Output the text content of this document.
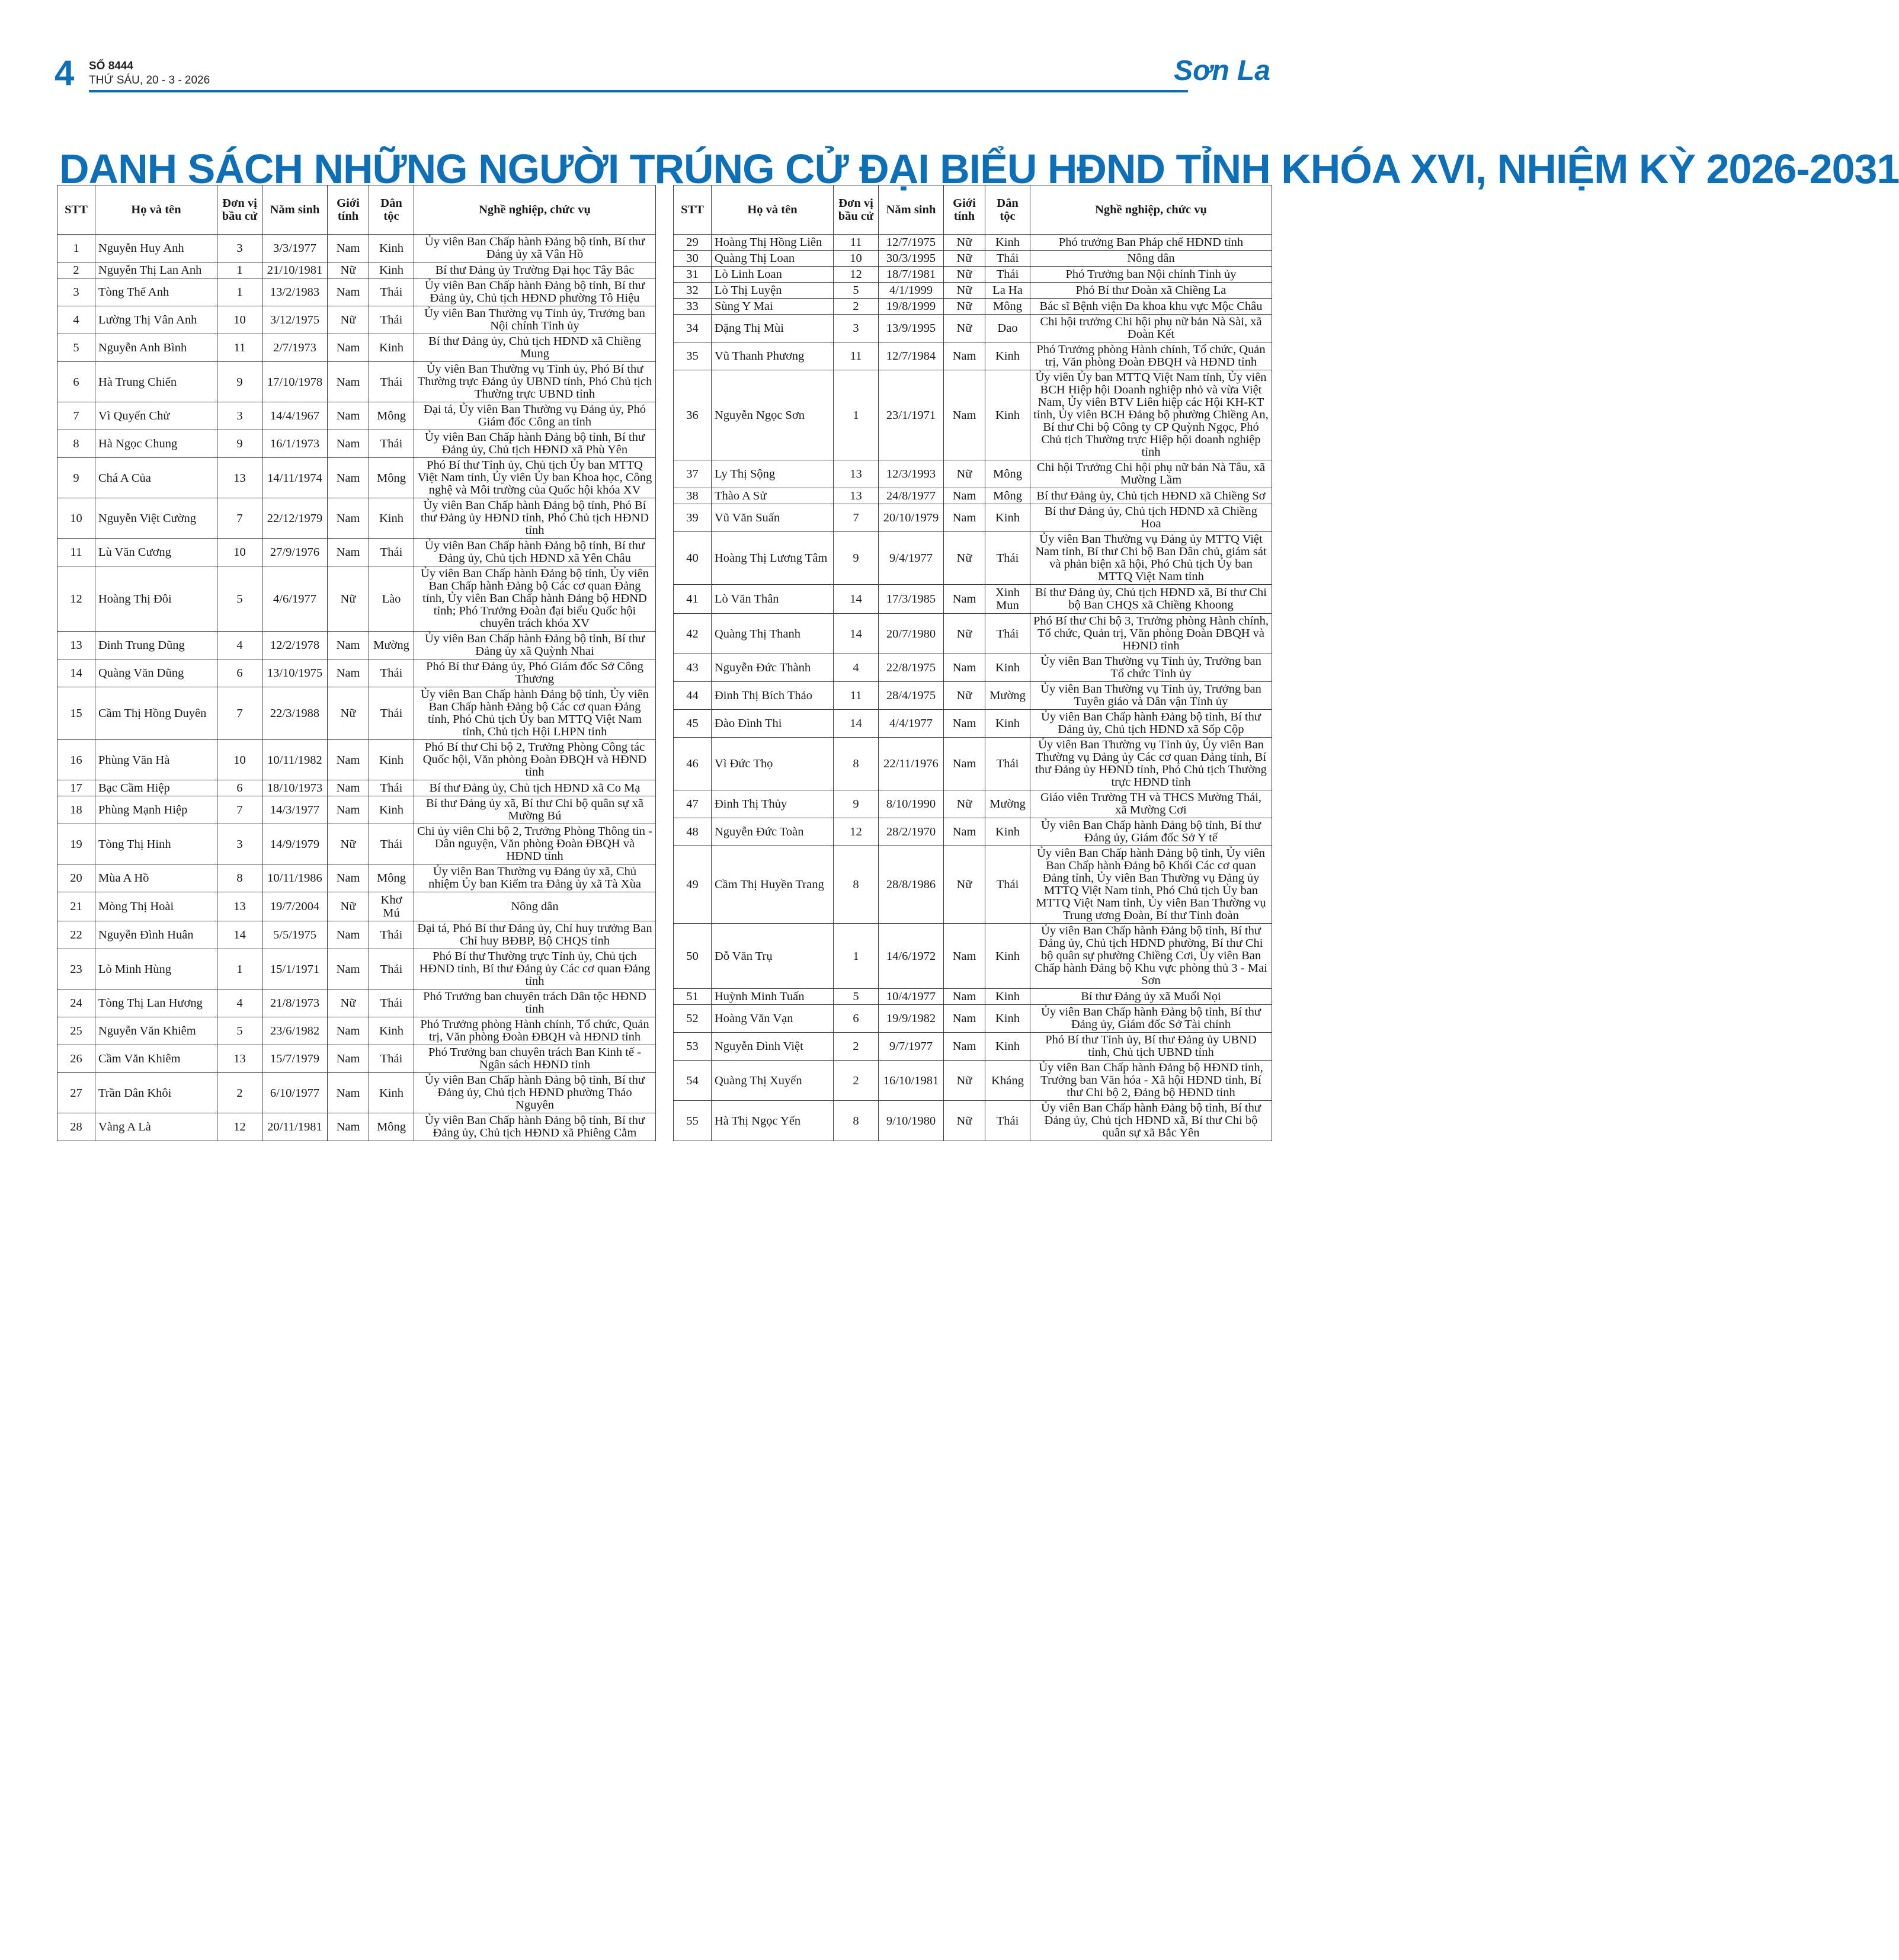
4 SỐ 8444
THỨ SÁU, 20 - 3 - 2026	Sơn La
DANH SÁCH NHỮNG NGƯỜI TRÚNG CỬ ĐẠI BIỂU HĐND TỈNH KHÓA XVI, NHIỆM KỲ 2026-2031
STT	Họ và tên	Đơn vị bầu cử	Năm sinh	Giới tính	Dân tộc	Nghề nghiệp, chức vụ
1	Nguyễn Huy Anh	3	3/3/1977	Nam	Kinh	Ủy viên Ban Chấp hành Đảng bộ tỉnh, Bí thư Đảng ủy xã Vân Hồ
2	Nguyễn Thị Lan Anh	1	21/10/1981	Nữ	Kinh	Bí thư Đảng ủy Trường Đại học Tây Bắc
3	Tòng Thế Anh	1	13/2/1983	Nam	Thái	Ủy viên Ban Chấp hành Đảng bộ tỉnh, Bí thư Đảng ủy, Chủ tịch HĐND phường Tô Hiệu
4	Lường Thị Vân Anh	10	3/12/1975	Nữ	Thái	Ủy viên Ban Thường vụ Tỉnh ủy, Trưởng ban Nội chính Tỉnh ủy
5	Nguyễn Anh Bình	11	2/7/1973	Nam	Kinh	Bí thư Đảng ủy, Chủ tịch HĐND xã Chiềng Mung
6	Hà Trung Chiến	9	17/10/1978	Nam	Thái	Ủy viên Ban Thường vụ Tỉnh ủy, Phó Bí thư Thường trực Đảng ủy UBND tỉnh, Phó Chủ tịch Thường trực UBND tỉnh
7	Vì Quyến Chử	3	14/4/1967	Nam	Mông	Đại tá, Ủy viên Ban Thường vụ Đảng ủy, Phó Giám đốc Công an tỉnh
8	Hà Ngọc Chung	9	16/1/1973	Nam	Thái	Ủy viên Ban Chấp hành Đảng bộ tỉnh, Bí thư Đảng ủy, Chủ tịch HĐND xã Phù Yên
9	Chá A Của	13	14/11/1974	Nam	Mông	Phó Bí thư Tỉnh ủy, Chủ tịch Ủy ban MTTQ Việt Nam tỉnh, Ủy viên Ủy ban Khoa học, Công nghệ và Môi trường của Quốc hội khóa XV
10	Nguyễn Việt Cường	7	22/12/1979	Nam	Kinh	Ủy viên Ban Chấp hành Đảng bộ tỉnh, Phó Bí thư Đảng ủy HĐND tỉnh, Phó Chủ tịch HĐND tỉnh
11	Lù Văn Cương	10	27/9/1976	Nam	Thái	Ủy viên Ban Chấp hành Đảng bộ tỉnh, Bí thư Đảng ủy, Chủ tịch HĐND xã Yên Châu
12	Hoàng Thị Đôi	5	4/6/1977	Nữ	Lào	Ủy viên Ban Chấp hành Đảng bộ tỉnh, Ủy viên Ban Chấp hành Đảng bộ Các cơ quan Đảng tỉnh, Ủy viên Ban Chấp hành Đảng bộ HĐND tỉnh; Phó Trưởng Đoàn đại biểu Quốc hội chuyên trách khóa XV
13	Đinh Trung Dũng	4	12/2/1978	Nam	Mường	Ủy viên Ban Chấp hành Đảng bộ tỉnh, Bí thư Đảng ủy xã Quỳnh Nhai
14	Quàng Văn Dũng	6	13/10/1975	Nam	Thái	Phó Bí thư Đảng ủy, Phó Giám đốc Sở Công Thương
15	Cầm Thị Hồng Duyên	7	22/3/1988	Nữ	Thái	Ủy viên Ban Chấp hành Đảng bộ tỉnh, Ủy viên Ban Chấp hành Đảng bộ Các cơ quan Đảng tỉnh, Phó Chủ tịch Ủy ban MTTQ Việt Nam tỉnh, Chủ tịch Hội LHPN tỉnh
16	Phùng Văn Hà	10	10/11/1982	Nam	Kinh	Phó Bí thư Chi bộ 2, Trưởng Phòng Công tác Quốc hội, Văn phòng Đoàn ĐBQH và HĐND tỉnh
17	Bạc Cầm Hiệp	6	18/10/1973	Nam	Thái	Bí thư Đảng ủy, Chủ tịch HĐND xã Co Mạ
18	Phùng Mạnh Hiệp	7	14/3/1977	Nam	Kinh	Bí thư Đảng ủy xã, Bí thư Chi bộ quân sự xã Mường Bú
19	Tòng Thị Hinh	3	14/9/1979	Nữ	Thái	Chi ủy viên Chi bộ 2, Trưởng Phòng Thông tin - Dân nguyện, Văn phòng Đoàn ĐBQH và HĐND tỉnh
20	Mùa A Hồ	8	10/11/1986	Nam	Mông	Ủy viên Ban Thường vụ Đảng ủy xã, Chủ nhiệm Ủy ban Kiểm tra Đảng ủy xã Tà Xùa
21	Mòng Thị Hoài	13	19/7/2004	Nữ	Khơ Mú	Nông dân
22	Nguyễn Đình Huân	14	5/5/1975	Nam	Thái	Đại tá, Phó Bí thư Đảng ủy, Chỉ huy trưởng Ban Chỉ huy BĐBP, Bộ CHQS tỉnh
23	Lò Minh Hùng	1	15/1/1971	Nam	Thái	Phó Bí thư Thường trực Tỉnh ủy, Chủ tịch HĐND tỉnh, Bí thư Đảng ủy Các cơ quan Đảng tỉnh
24	Tòng Thị Lan Hương	4	21/8/1973	Nữ	Thái	Phó Trưởng ban chuyên trách Dân tộc HĐND tỉnh
25	Nguyễn Văn Khiêm	5	23/6/1982	Nam	Kinh	Phó Trưởng phòng Hành chính, Tổ chức, Quản trị, Văn phòng Đoàn ĐBQH và HĐND tỉnh
26	Cầm Văn Khiêm	13	15/7/1979	Nam	Thái	Phó Trưởng ban chuyên trách Ban Kinh tế - Ngân sách HĐND tỉnh
27	Trần Dân Khôi	2	6/10/1977	Nam	Kinh	Ủy viên Ban Chấp hành Đảng bộ tỉnh, Bí thư Đảng ủy, Chủ tịch HĐND phường Thảo Nguyên
28	Vàng A Là	12	20/11/1981	Nam	Mông	Ủy viên Ban Chấp hành Đảng bộ tỉnh, Bí thư Đảng ủy, Chủ tịch HĐND xã Phiêng Cằm
STT	Họ và tên	Đơn vị bầu cử	Năm sinh	Giới tính	Dân tộc	Nghề nghiệp, chức vụ
29	Hoàng Thị Hồng Liên	11	12/7/1975	Nữ	Kinh	Phó trưởng Ban Pháp chế HĐND tỉnh
30	Quàng Thị Loan	10	30/3/1995	Nữ	Thái	Nông dân
31	Lò Linh Loan	12	18/7/1981	Nữ	Thái	Phó Trưởng ban Nội chính Tỉnh ủy
32	Lò Thị Luyện	5	4/1/1999	Nữ	La Ha	Phó Bí thư Đoàn xã Chiềng La
33	Sùng Y Mai	2	19/8/1999	Nữ	Mông	Bác sĩ Bệnh viện Đa khoa khu vực Mộc Châu
34	Đặng Thị Mùi	3	13/9/1995	Nữ	Dao	Chi hội trưởng Chi hội phụ nữ bản Nà Sài, xã Đoàn Kết
35	Vũ Thanh Phương	11	12/7/1984	Nam	Kinh	Phó Trưởng phòng Hành chính, Tổ chức, Quản trị, Văn phòng Đoàn ĐBQH và HĐND tỉnh
36	Nguyễn Ngọc Sơn	1	23/1/1971	Nam	Kinh	Ủy viên Ủy ban MTTQ Việt Nam tỉnh, Ủy viên BCH Hiệp hội Doanh nghiệp nhỏ và vừa Việt Nam, Ủy viên BTV Liên hiệp các Hội KH-KT tỉnh, Ủy viên BCH Đảng bộ phường Chiềng An, Bí thư Chi bộ Công ty CP Quỳnh Ngọc, Phó Chủ tịch Thường trực Hiệp hội doanh nghiệp tỉnh
37	Ly Thị Sộng	13	12/3/1993	Nữ	Mông	Chi hội Trưởng Chi hội phụ nữ bản Nà Tâu, xã Mường Lầm
38	Thào A Sử	13	24/8/1977	Nam	Mông	Bí thư Đảng ủy, Chủ tịch HĐND xã Chiềng Sơ
39	Vũ Văn Suấn	7	20/10/1979	Nam	Kinh	Bí thư Đảng ủy, Chủ tịch HĐND xã Chiềng Hoa
40	Hoàng Thị Lương Tâm	9	9/4/1977	Nữ	Thái	Ủy viên Ban Thường vụ Đảng ủy MTTQ Việt Nam tỉnh, Bí thư Chi bộ Ban Dân chủ, giám sát và phản biện xã hội, Phó Chủ tịch Ủy ban MTTQ Việt Nam tỉnh
41	Lò Văn Thân	14	17/3/1985	Nam	Xinh Mun	Bí thư Đảng ủy, Chủ tịch HĐND xã, Bí thư Chi bộ Ban CHQS xã Chiềng Khoong
42	Quàng Thị Thanh	14	20/7/1980	Nữ	Thái	Phó Bí thư Chi bộ 3, Trưởng phòng Hành chính, Tổ chức, Quản trị, Văn phòng Đoàn ĐBQH và HĐND tỉnh
43	Nguyễn Đức Thành	4	22/8/1975	Nam	Kinh	Ủy viên Ban Thường vụ Tỉnh ủy, Trưởng ban Tổ chức Tỉnh ủy
44	Đinh Thị Bích Thảo	11	28/4/1975	Nữ	Mường	Ủy viên Ban Thường vụ Tỉnh ủy, Trưởng ban Tuyên giáo và Dân vận Tỉnh ủy
45	Đào Đình Thi	14	4/4/1977	Nam	Kinh	Ủy viên Ban Chấp hành Đảng bộ tỉnh, Bí thư Đảng ủy, Chủ tịch HĐND xã Sốp Cộp
46	Vì Đức Thọ	8	22/11/1976	Nam	Thái	Ủy viên Ban Thường vụ Tỉnh ủy, Ủy viên Ban Thường vụ Đảng ủy Các cơ quan Đảng tỉnh, Bí thư Đảng ủy HĐND tỉnh, Phó Chủ tịch Thường trực HĐND tỉnh
47	Đinh Thị Thủy	9	8/10/1990	Nữ	Mường	Giáo viên Trường TH và THCS Mường Thái, xã Mường Cơi
48	Nguyễn Đức Toàn	12	28/2/1970	Nam	Kinh	Ủy viên Ban Chấp hành Đảng bộ tỉnh, Bí thư Đảng ủy, Giám đốc Sở Y tế
49	Cầm Thị Huyền Trang	8	28/8/1986	Nữ	Thái	Ủy viên Ban Chấp hành Đảng bộ tỉnh, Ủy viên Ban Chấp hành Đảng bộ Khối Các cơ quan Đảng tỉnh, Ủy viên Ban Thường vụ Đảng ủy MTTQ Việt Nam tỉnh, Phó Chủ tịch Ủy ban MTTQ Việt Nam tỉnh, Ủy viên Ban Thường vụ Trung ương Đoàn, Bí thư Tỉnh đoàn
50	Đỗ Văn Trụ	1	14/6/1972	Nam	Kinh	Ủy viên Ban Chấp hành Đảng bộ tỉnh, Bí thư Đảng ủy, Chủ tịch HĐND phường, Bí thư Chi bộ quân sự phường Chiềng Cơi, Ủy viên Ban Chấp hành Đảng bộ Khu vực phòng thủ 3 - Mai Sơn
51	Huỳnh Minh Tuấn	5	10/4/1977	Nam	Kinh	Bí thư Đảng ủy xã Muổi Nọi
52	Hoàng Văn Vạn	6	19/9/1982	Nam	Kinh	Ủy viên Ban Chấp hành Đảng bộ tỉnh, Bí thư Đảng ủy, Giám đốc Sở Tài chính
53	Nguyễn Đình Việt	2	9/7/1977	Nam	Kinh	Phó Bí thư Tỉnh ủy, Bí thư Đảng ủy UBND tỉnh, Chủ tịch UBND tỉnh
54	Quàng Thị Xuyến	2	16/10/1981	Nữ	Kháng	Ủy viên Ban Chấp hành Đảng bộ HĐND tỉnh, Trưởng ban Văn hóa - Xã hội HĐND tỉnh, Bí thư Chi bộ 2, Đảng bộ HĐND tỉnh
55	Hà Thị Ngọc Yến	8	9/10/1980	Nữ	Thái	Ủy viên Ban Chấp hành Đảng bộ tỉnh, Bí thư Đảng ủy, Chủ tịch HĐND xã, Bí thư Chi bộ quân sự xã Bắc Yên
